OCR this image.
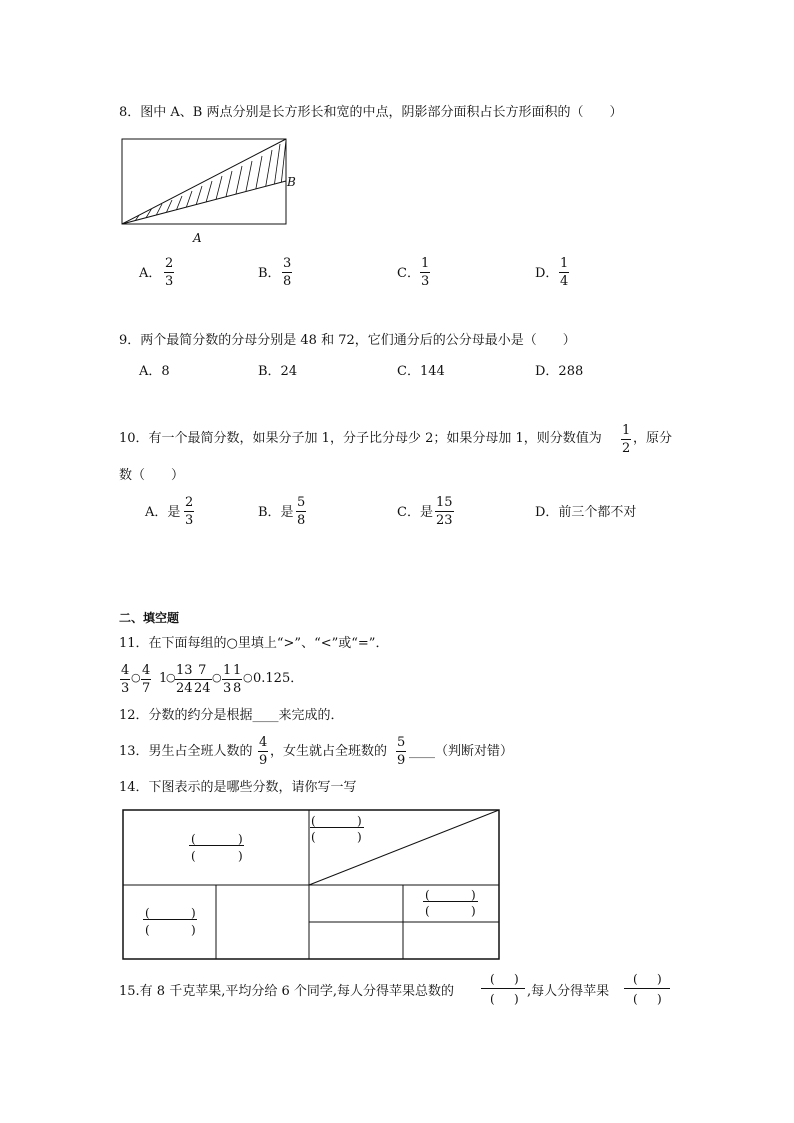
8．图中 A、B 两点分别是长方形长和宽的中点，阴影部分面积占长方形面积的（　　）
B
A
A． $\frac{2}{3}$	B． $\frac{3}{8}$	C． $\frac{1}{3}$	D． $\frac{1}{4}$
9．两个最简分数的分母分别是 48 和 72，它们通分后的公分母最小是（　　）
A．8	B．24	C．144	D．288
10．有一个最简分数，如果分子加 1，分子比分母少 2；如果分母加 1，则分数值为 $\frac{1}{2}$ ，原分
数（　　）
A．是 $\frac{2}{3}$	B．是 $\frac{5}{8}$	C．是 $\frac{15}{23}$	D．前三个都不对
二、填空题
11．在下面每组的○里填上“>”、“<”或“=”．
$\frac{4}{3}$ ○ $\frac{4}{7} 1$
○ $\frac{13}{24} \frac{7}{24}$ ○ $\frac{1}{3} \frac{1}{8}$ ○ 0.125．
12．分数的约分是根据____来完成的．
13．男生占全班人数的 $\frac{4}{9}$ ，女生就占全班数的 $\frac{5}{9}$ ____（判断对错）
14．下图表示的是哪些分数，请你写一写
(	)
(	)
(	)
(	)
(	)
(	)
(	)
(	)
15.有 8 千克苹果,平均分给 6 个同学,每人分得苹果总数的
( )
( ) ,每人分得苹果
( )
( )
